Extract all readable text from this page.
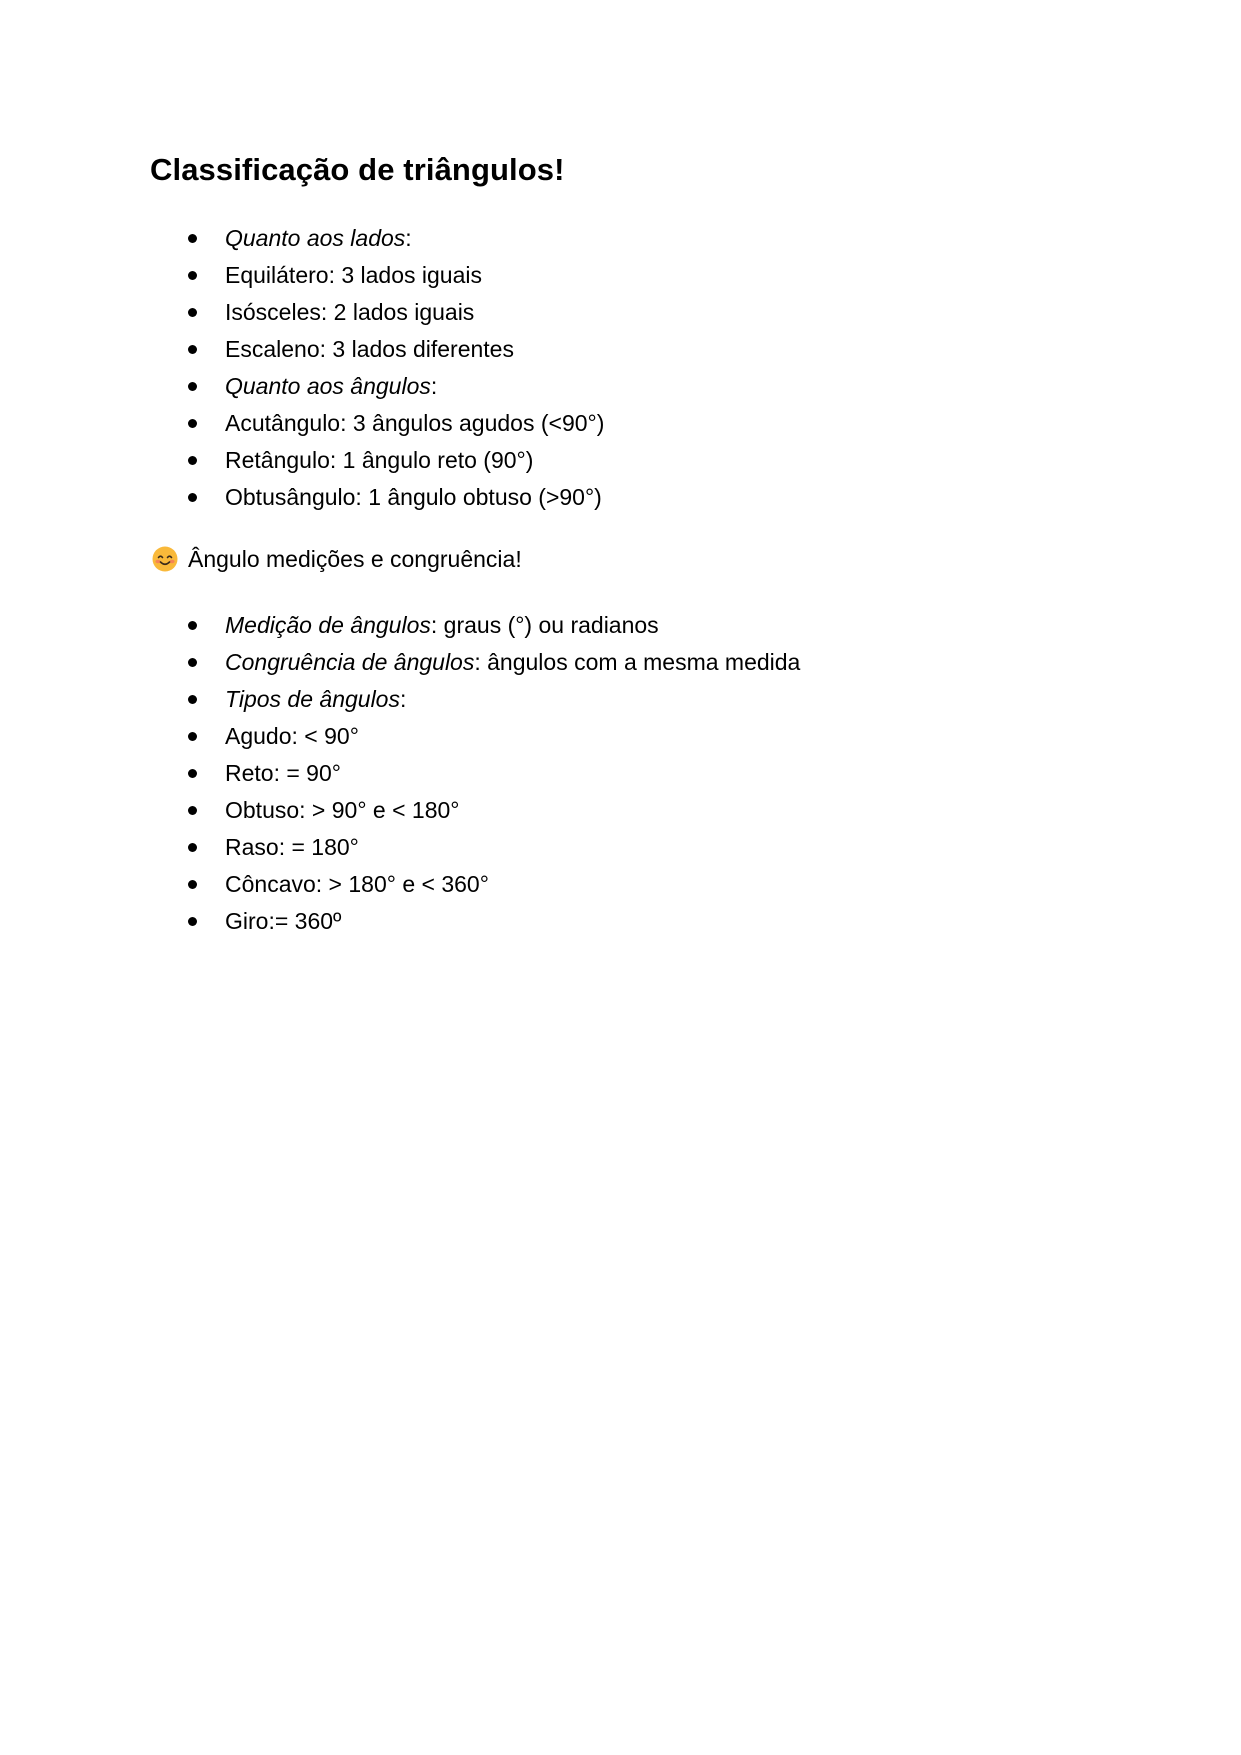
Classificação de triângulos!
Quanto aos lados:
Equilátero: 3 lados iguais
Isósceles: 2 lados iguais
Escaleno: 3 lados diferentes
Quanto aos ângulos:
Acutângulo: 3 ângulos agudos (<90°)
Retângulo: 1 ângulo reto (90°)
Obtusângulo: 1 ângulo obtuso (>90°)
Ângulo medições e congruência!
Medição de ângulos: graus (°) ou radianos
Congruência de ângulos: ângulos com a mesma medida
Tipos de ângulos:
Agudo: < 90°
Reto: = 90°
Obtuso: > 90° e < 180°
Raso: = 180°
Côncavo: > 180° e < 360°
Giro:= 360º
